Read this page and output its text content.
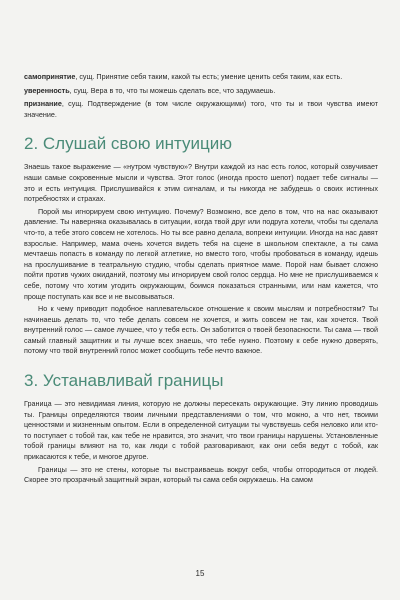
самопринятие, сущ. Принятие себя таким, какой ты есть; умение ценить себя таким, как есть.

уверенность, сущ. Вера в то, что ты можешь сделать все, что задумаешь.

признание, сущ. Подтверждение (в том числе окружающими) того, что ты и твои чувства имеют значение.

2. Слушай свою интуицию

Знаешь такое выражение — «нутром чувствую»? Внутри каждой из нас есть голос, который озвучивает наши самые сокровенные мысли и чувства. Этот голос (иногда просто шепот) подает тебе сигналы — это и есть интуиция. Прислушивайся к этим сигналам, и ты никогда не забудешь о своих истинных потребностях и страхах.

Порой мы игнорируем свою интуицию. Почему? Возможно, все дело в том, что на нас оказывают давление. Ты наверняка оказывалась в ситуации, когда твой друг или подруга хотели, чтобы ты сделала что-то, а тебе этого совсем не хотелось. Но ты все равно делала, вопреки интуиции. Иногда на нас давят взрослые. Например, мама очень хочется видеть тебя на сцене в школьном спектакле, а ты сама мечтаешь попасть в команду по легкой атлетике, но вместо того, чтобы пробоваться в команду, идешь на прослушивание в театральную студию, чтобы сделать приятное маме. Порой нам бывает сложно пойти против чужих ожиданий, поэтому мы игнорируем свой голос сердца. Но мне не прислушиваемся к себе, потому что хотим угодить окружающим, боимся показаться странными, или нам кажется, что проще поступать как все и не высовываться.

Но к чему приводит подобное наплевательское отношение к своим мыслям и потребностям? Ты начинаешь делать то, что тебе делать совсем не хочется, и жить совсем не так, как хочется. Твой внутренний голос — самое лучшее, что у тебя есть. Он заботится о твоей безопасности. Ты сама — твой самый главный защитник и ты лучше всех знаешь, что тебе нужно. Поэтому к себе нужно доверять, потому что твой внутренний голос может сообщить тебе нечто важное.

3. Устанавливай границы

Граница — это невидимая линия, которую не должны пересекать окружающие. Эту линию проводишь ты. Границы определяются твоим личными представлениями о том, что можно, а что нет, твоими ценностями и жизненным опытом. Если в определенной ситуации ты чувствуешь себя неловко или кто-то поступает с тобой так, как тебе не нравится, это значит, что твои границы нарушены. Установленные тобой границы влияют на то, как люди с тобой разговаривают, как они себя ведут с тобой, как прикасаются к тебе, и многое другое.

Границы — это не стены, которые ты выстраиваешь вокруг себя, чтобы отгородиться от людей. Скорее это прозрачный защитный экран, который ты сама себя окружаешь. На самом

15
